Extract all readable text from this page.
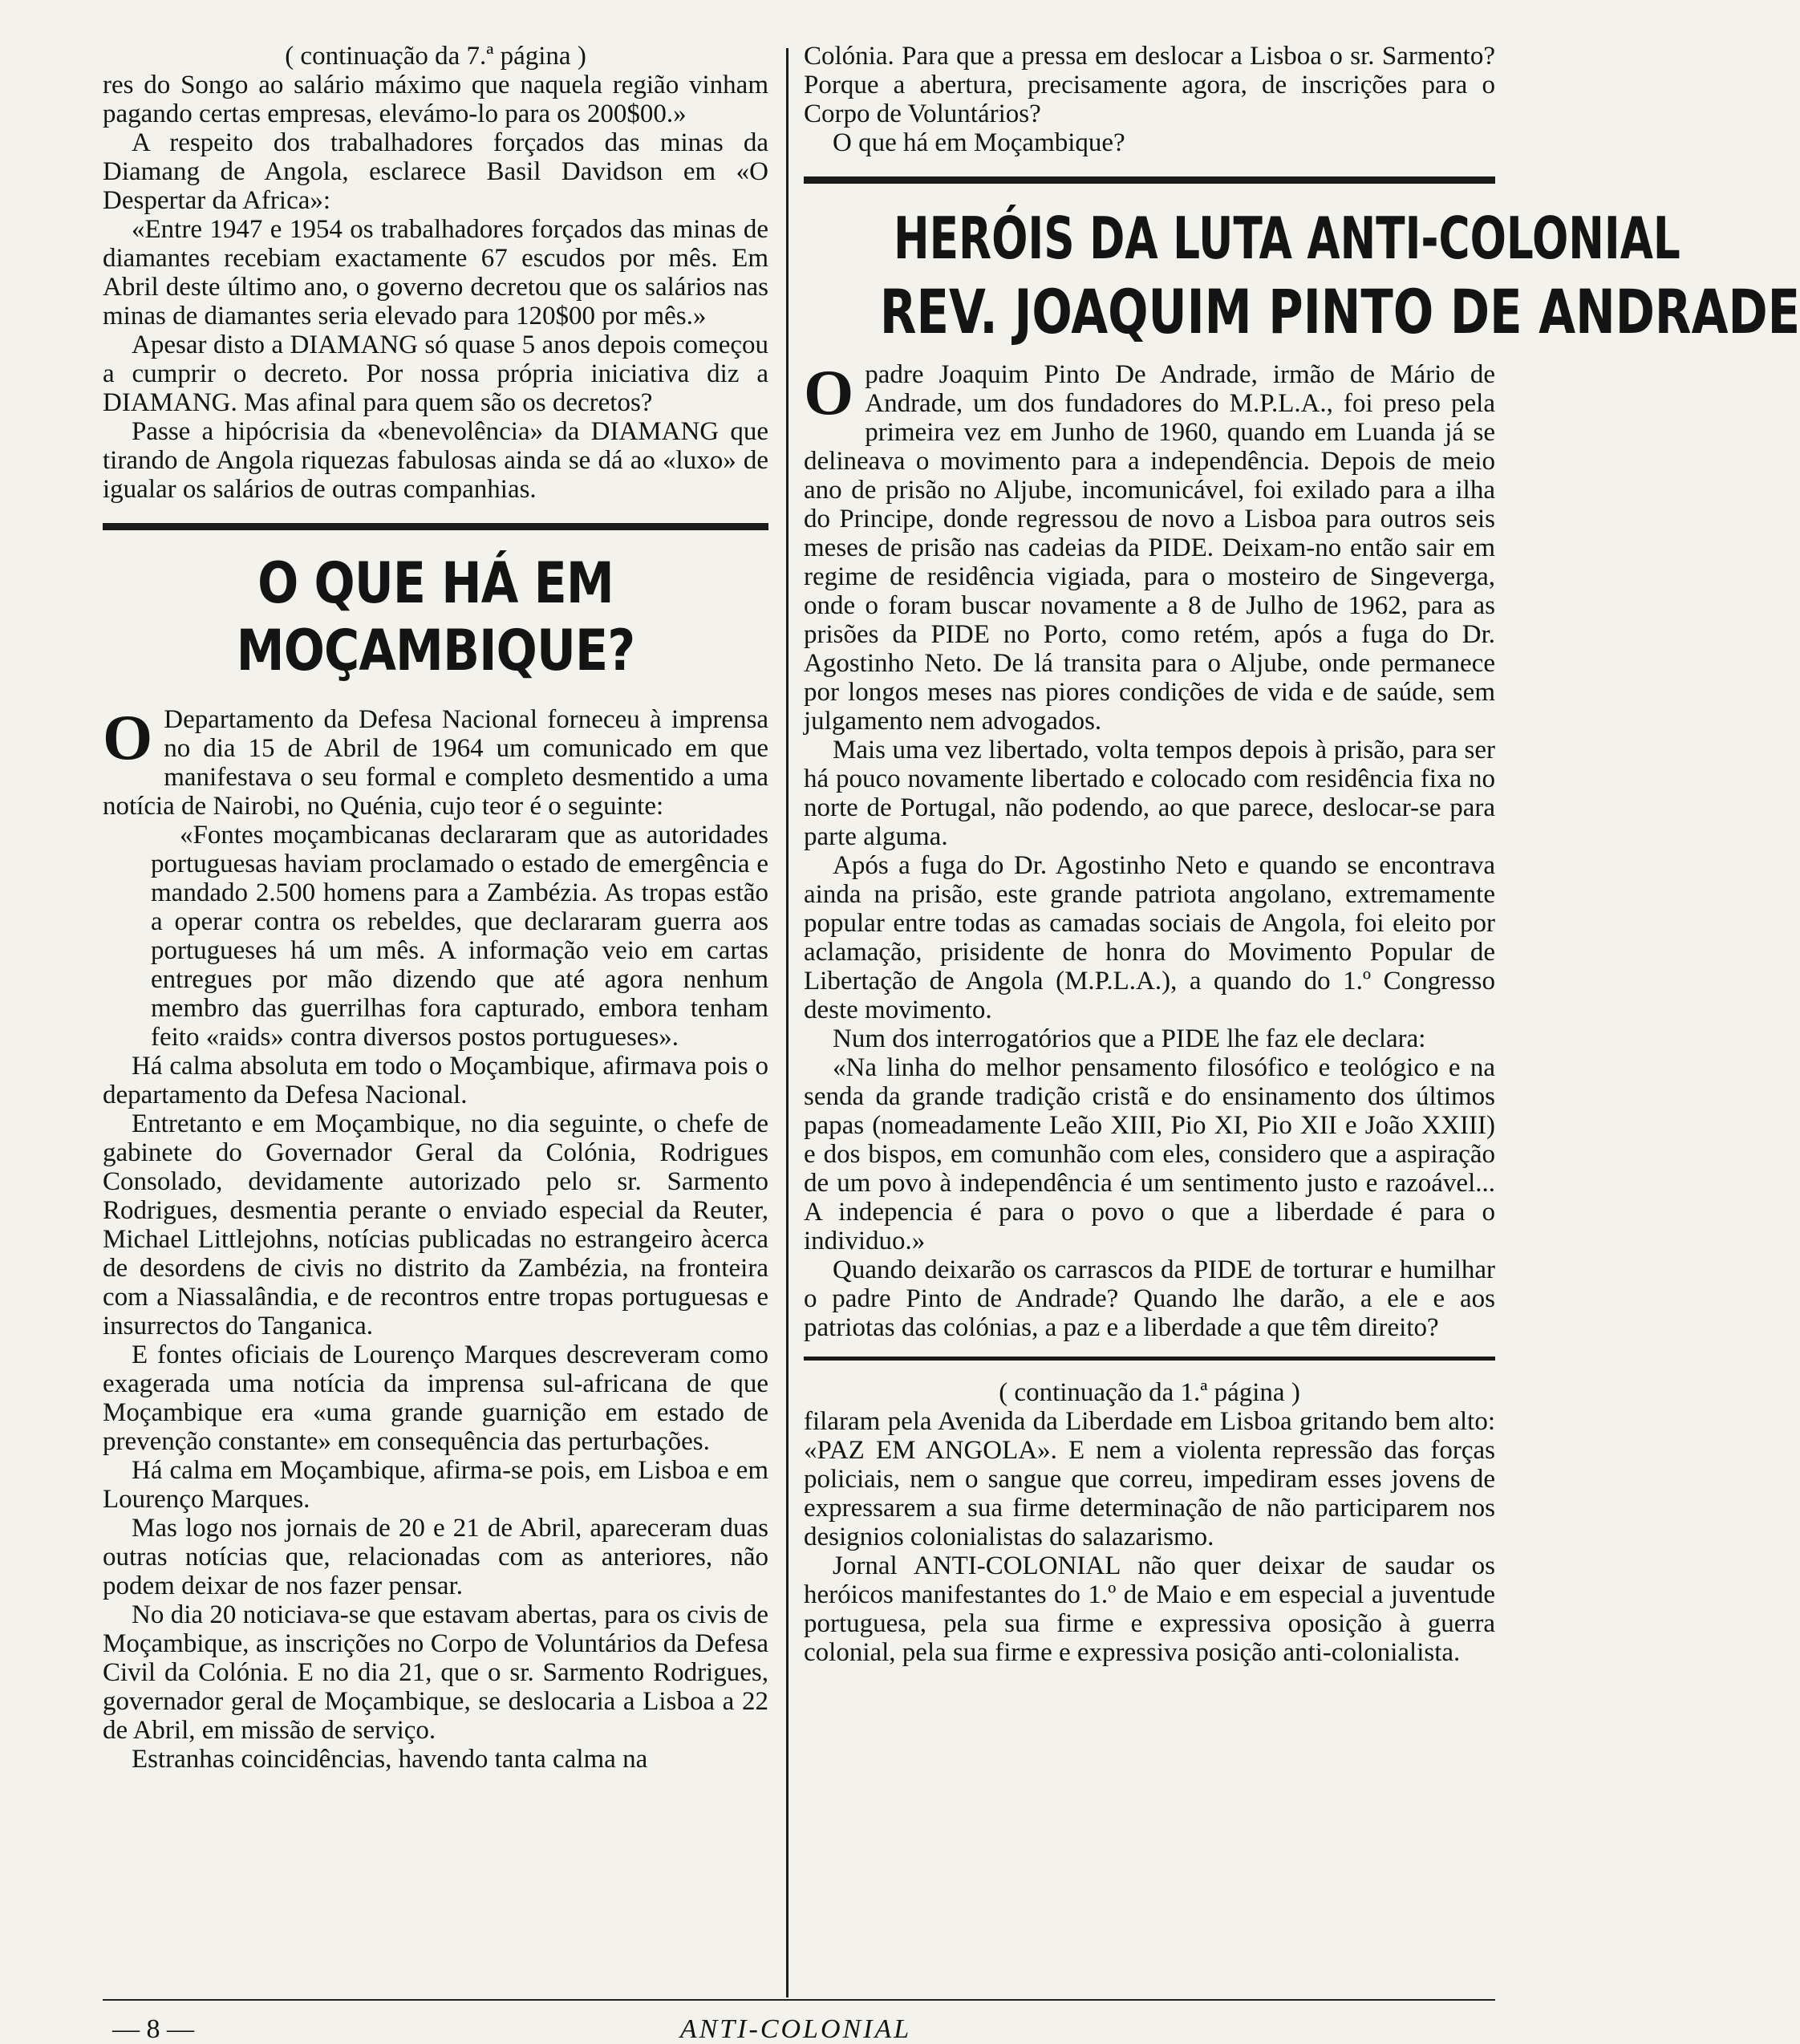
( continuação da 7.ª página )

res do Songo ao salário máximo que naquela região vinham pagando certas empresas, elevámo-lo para os 200$00.»

A respeito dos trabalhadores forçados das minas da Diamang de Angola, esclarece Basil Davidson em «O Despertar da Africa»:

«Entre 1947 e 1954 os trabalhadores forçados das minas de diamantes recebiam exactamente 67 escudos por mês. Em Abril deste último ano, o governo decretou que os salários nas minas de diamantes seria elevado para 120$00 por mês.»

Apesar disto a DIAMANG só quase 5 anos depois começou a cumprir o decreto. Por nossa própria iniciativa diz a DIAMANG. Mas afinal para quem são os decretos?

Passe a hipócrisia da «benevolência» da DIAMANG que tirando de Angola riquezas fabulosas ainda se dá ao «luxo» de igualar os salários de outras companhias.

O QUE HÁ EM MOÇAMBIQUE?

O Departamento da Defesa Nacional forneceu à imprensa no dia 15 de Abril de 1964 um comunicado em que manifestava o seu formal e completo desmentido a uma notícia de Nairobi, no Quénia, cujo teor é o seguinte:

«Fontes moçambicanas declararam que as autoridades portuguesas haviam proclamado o estado de emergência e mandado 2.500 homens para a Zambézia. As tropas estão a operar contra os rebeldes, que declararam guerra aos portugueses há um mês. A informação veio em cartas entregues por mão dizendo que até agora nenhum membro das guerrilhas fora capturado, embora tenham feito «raids» contra diversos postos portugueses».

Há calma absoluta em todo o Moçambique, afirmava pois o departamento da Defesa Nacional.

Entretanto e em Moçambique, no dia seguinte, o chefe de gabinete do Governador Geral da Colónia, Rodrigues Consolado, devidamente autorizado pelo sr. Sarmento Rodrigues, desmentia perante o enviado especial da Reuter, Michael Littlejohns, notícias publicadas no estrangeiro àcerca de desordens de civis no distrito da Zambézia, na fronteira com a Niassalândia, e de recontros entre tropas portuguesas e insurrectos do Tanganica.

E fontes oficiais de Lourenço Marques descreveram como exagerada uma notícia da imprensa sul-africana de que Moçambique era «uma grande guarnição em estado de prevenção constante» em consequência das perturbações.

Há calma em Moçambique, afirma-se pois, em Lisboa e em Lourenço Marques.

Mas logo nos jornais de 20 e 21 de Abril, apareceram duas outras notícias que, relacionadas com as anteriores, não podem deixar de nos fazer pensar.

No dia 20 noticiava-se que estavam abertas, para os civis de Moçambique, as inscrições no Corpo de Voluntários da Defesa Civil da Colónia. E no dia 21, que o sr. Sarmento Rodrigues, governador geral de Moçambique, se deslocaria a Lisboa a 22 de Abril, em missão de serviço.

Estranhas coincidências, havendo tanta calma na

Colónia. Para que a pressa em deslocar a Lisboa o sr. Sarmento? Porque a abertura, precisamente agora, de inscrições para o Corpo de Voluntários?

O que há em Moçambique?

HERÓIS DA LUTA ANTI-COLONIAL
REV. JOAQUIM PINTO DE ANDRADE

Opadre Joaquim Pinto De Andrade, irmão de Mário de Andrade, um dos fundadores do M.P.L.A., foi preso pela primeira vez em Junho de 1960, quando em Luanda já se delineava o movimento para a independência. Depois de meio ano de prisão no Aljube, incomunicável, foi exilado para a ilha do Principe, donde regressou de novo a Lisboa para outros seis meses de prisão nas cadeias da PIDE. Deixam-no então sair em regime de residência vigiada, para o mosteiro de Singeverga, onde o foram buscar novamente a 8 de Julho de 1962, para as prisões da PIDE no Porto, como retém, após a fuga do Dr. Agostinho Neto. De lá transita para o Aljube, onde permanece por longos meses nas piores condições de vida e de saúde, sem julgamento nem advogados.

Mais uma vez libertado, volta tempos depois à prisão, para ser há pouco novamente libertado e colocado com residência fixa no norte de Portugal, não podendo, ao que parece, deslocar-se para parte alguma.

Após a fuga do Dr. Agostinho Neto e quando se encontrava ainda na prisão, este grande patriota angolano, extremamente popular entre todas as camadas sociais de Angola, foi eleito por aclamação, prisidente de honra do Movimento Popular de Libertação de Angola (M.P.L.A.), a quando do 1.º Congresso deste movimento.

Num dos interrogatórios que a PIDE lhe faz ele declara:

«Na linha do melhor pensamento filosófico e teológico e na senda da grande tradição cristã e do ensinamento dos últimos papas (nomeadamente Leão XIII, Pio XI, Pio XII e João XXIII) e dos bispos, em comunhão com eles, considero que a aspiração de um povo à independência é um sentimento justo e razoável... A indepencia é para o povo o que a liberdade é para o individuo.»

Quando deixarão os carrascos da PIDE de torturar e humilhar o padre Pinto de Andrade? Quando lhe darão, a ele e aos patriotas das colónias, a paz e a liberdade a que têm direito?

( continuação da 1.ª página )

filaram pela Avenida da Liberdade em Lisboa gritando bem alto: «PAZ EM ANGOLA». E nem a violenta repressão das forças policiais, nem o sangue que correu, impediram esses jovens de expressarem a sua firme determinação de não participarem nos designios colonialistas do salazarismo.

Jornal ANTI-COLONIAL não quer deixar de saudar os heróicos manifestantes do 1.º de Maio e em especial a juventude portuguesa, pela sua firme e expressiva oposição à guerra colonial, pela sua firme e expressiva posição anti-colonialista.

— 8 —	ANTI-COLONIAL
